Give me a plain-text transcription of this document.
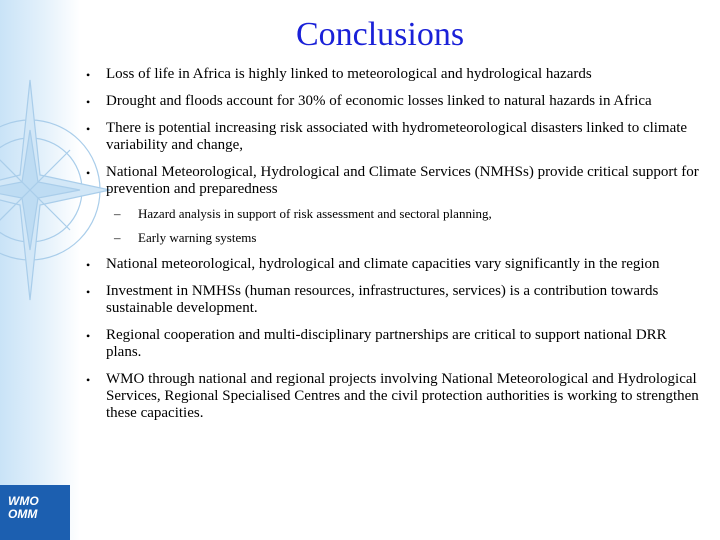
WMO
OMM
Conclusions
• Loss of life in Africa is highly linked to meteorological and hydrological hazards
• Drought and floods account for 30% of economic losses linked to natural hazards in Africa
• There is potential increasing risk associated with hydrometeorological disasters linked to climate variability and change,
• National Meteorological, Hydrological and Climate Services (NMHSs) provide critical support for prevention and preparedness
– Hazard analysis in support of risk assessment and sectoral planning,
– Early warning systems
• National meteorological, hydrological and climate capacities vary significantly in the region
• Investment in NMHSs (human resources, infrastructures, services) is a contribution towards sustainable development.
• Regional cooperation and multi-disciplinary partnerships are critical to support national DRR plans.
• WMO through national and regional projects involving National Meteorological and Hydrological Services, Regional Specialised Centres and the civil protection authorities is working to strengthen these capacities.
